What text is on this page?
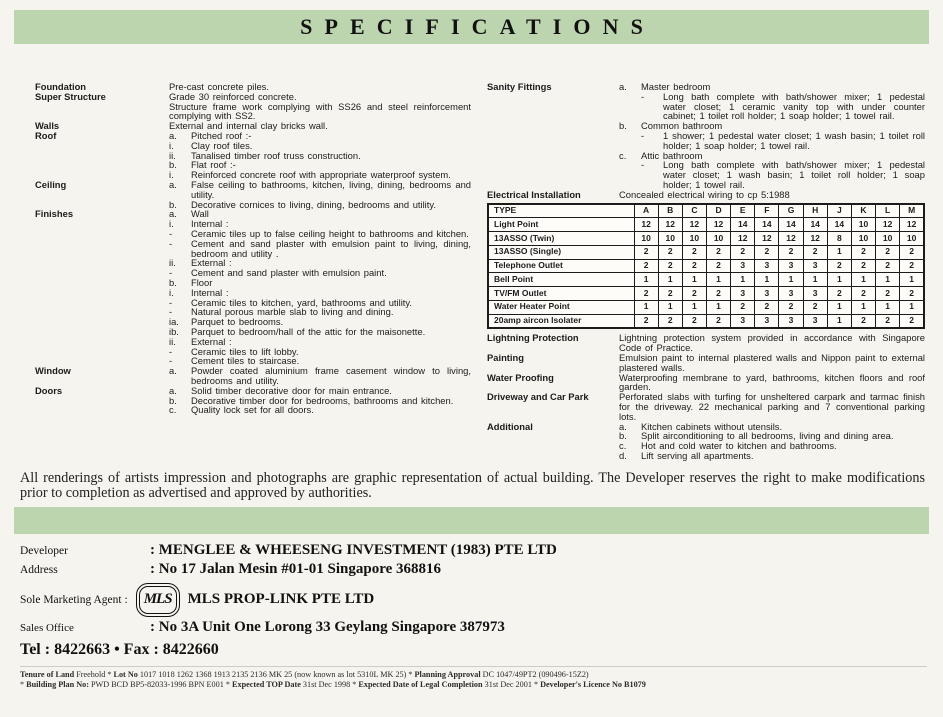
SPECIFICATIONS
Foundation	Pre-cast concrete piles.
Super Structure	Grade 30 reinforced concrete.
Structure frame work complying with SS26 and steel reinforcement complying with SS2.
Walls	External and internal clay bricks wall.
Roof	a.	Pitched roof :-
i.	Clay roof tiles.
ii.	Tanalised timber roof truss construction.
b.	Flat roof :-
i.	Reinforced concrete roof with appropriate waterproof system.
Ceiling	a.	False ceiling to bathrooms, kitchen, living, dining, bedrooms and utility.
b.	Decorative cornices to living, dining, bedrooms and utility.
Finishes	a.	Wall
i.	Internal :
-	Ceramic tiles up to false ceiling height to bathrooms and kitchen.
-	Cement and sand plaster with emulsion paint to living, dining, bedroom and utility .
ii.	External :
-	Cement and sand plaster with emulsion paint.
b.	Floor
i.	Internal :
-	Ceramic tiles to kitchen, yard, bathrooms and utility.
-	Natural porous marble slab to living and dining.
ia.	Parquet to bedrooms.
ib.	Parquet to bedroom/hall of the attic for the maisonette.
ii.	External :
-	Ceramic tiles to lift lobby.
-	Cement tiles to staircase.
Window	a.	Powder coated aluminium frame casement window to living, bedrooms and utility.
Doors	a.	Solid timber decorative door for main entrance.
b.	Decorative timber door for bedrooms, bathrooms and kitchen.
c.	Quality lock set for all doors.
Sanity Fittings	a.	Master bedroom
-	Long bath complete with bath/shower mixer; 1 pedestal water closet; 1 ceramic vanity top with under counter cabinet; 1 toilet roll holder; 1 soap holder; 1 towel rail.
b.	Common bathroom
-	1 shower; 1 pedestal water closet; 1 wash basin; 1 toilet roll holder; 1 soap holder; 1 towel rail.
c.	Attic bathroom
-	Long bath complete with bath/shower mixer; 1 pedestal water closet; 1 wash basin; 1 toilet roll holder; 1 soap holder; 1 towel rail.
Electrical Installation	Concealed electrical wiring to cp 5:1988
TYPE	A	B	C	D	E	F	G	H	J	K	L	M
Light Point	12	12	12	12	14	14	14	14	14	10	12	12
13ASSO (Twin)	10	10	10	10	12	12	12	12	8	10	10	10
13ASSO (Single)	2	2	2	2	2	2	2	2	1	2	2	2
Telephone Outlet	2	2	2	2	3	3	3	3	2	2	2	2
Bell Point	1	1	1	1	1	1	1	1	1	1	1	1
TV/FM Outlet	2	2	2	2	3	3	3	3	2	2	2	2
Water Heater Point	1	1	1	1	2	2	2	2	1	1	1	1
20amp aircon Isolater	2	2	2	2	3	3	3	3	1	2	2	2
Lightning Protection	Lightning protection system provided in accordance with Singapore Code of Practice.
Painting	Emulsion paint to internal plastered walls and Nippon paint to external plastered walls.
Water Proofing	Waterproofing membrane to yard, bathrooms, kitchen floors and roof garden.
Driveway and Car Park	Perforated slabs with turfing for unsheltered carpark and tarmac finish for the driveway. 22 mechanical parking and 7 conventional parking lots.
Additional	a.	Kitchen cabinets without utensils.
b.	Split airconditioning to all bedrooms, living and dining area.
c.	Hot and cold water to kitchen and bathrooms.
d.	Lift serving all apartments.

All renderings of artists impression and photographs are graphic representation of actual building. The Developer reserves the right to make modifications prior to completion as advertised and approved by authorities.

Developer	: MENGLEE & WHEESENG INVESTMENT (1983) PTE LTD
Address	: No 17 Jalan Mesin #01-01 Singapore 368816
Sole Marketing Agent :	MLS	MLS PROP-LINK PTE LTD
Sales Office	: No 3A Unit One Lorong 33 Geylang Singapore 387973
Tel : 8422663 • Fax : 8422660
Tenure of Land Freehold * Lot No 1017 1018 1262 1368 1913 2135 2136 MK 25 (now known as lot 5310L MK 25) * Planning Approval DC 1047/49PT2 (090496-15Z2)
* Building Plan No: PWD BCD BP5-82033-1996 BPN E001 * Expected TOP Date 31st Dec 1998 * Expected Date of Legal Completion 31st Dec 2001 * Developer's Licence No B1079
